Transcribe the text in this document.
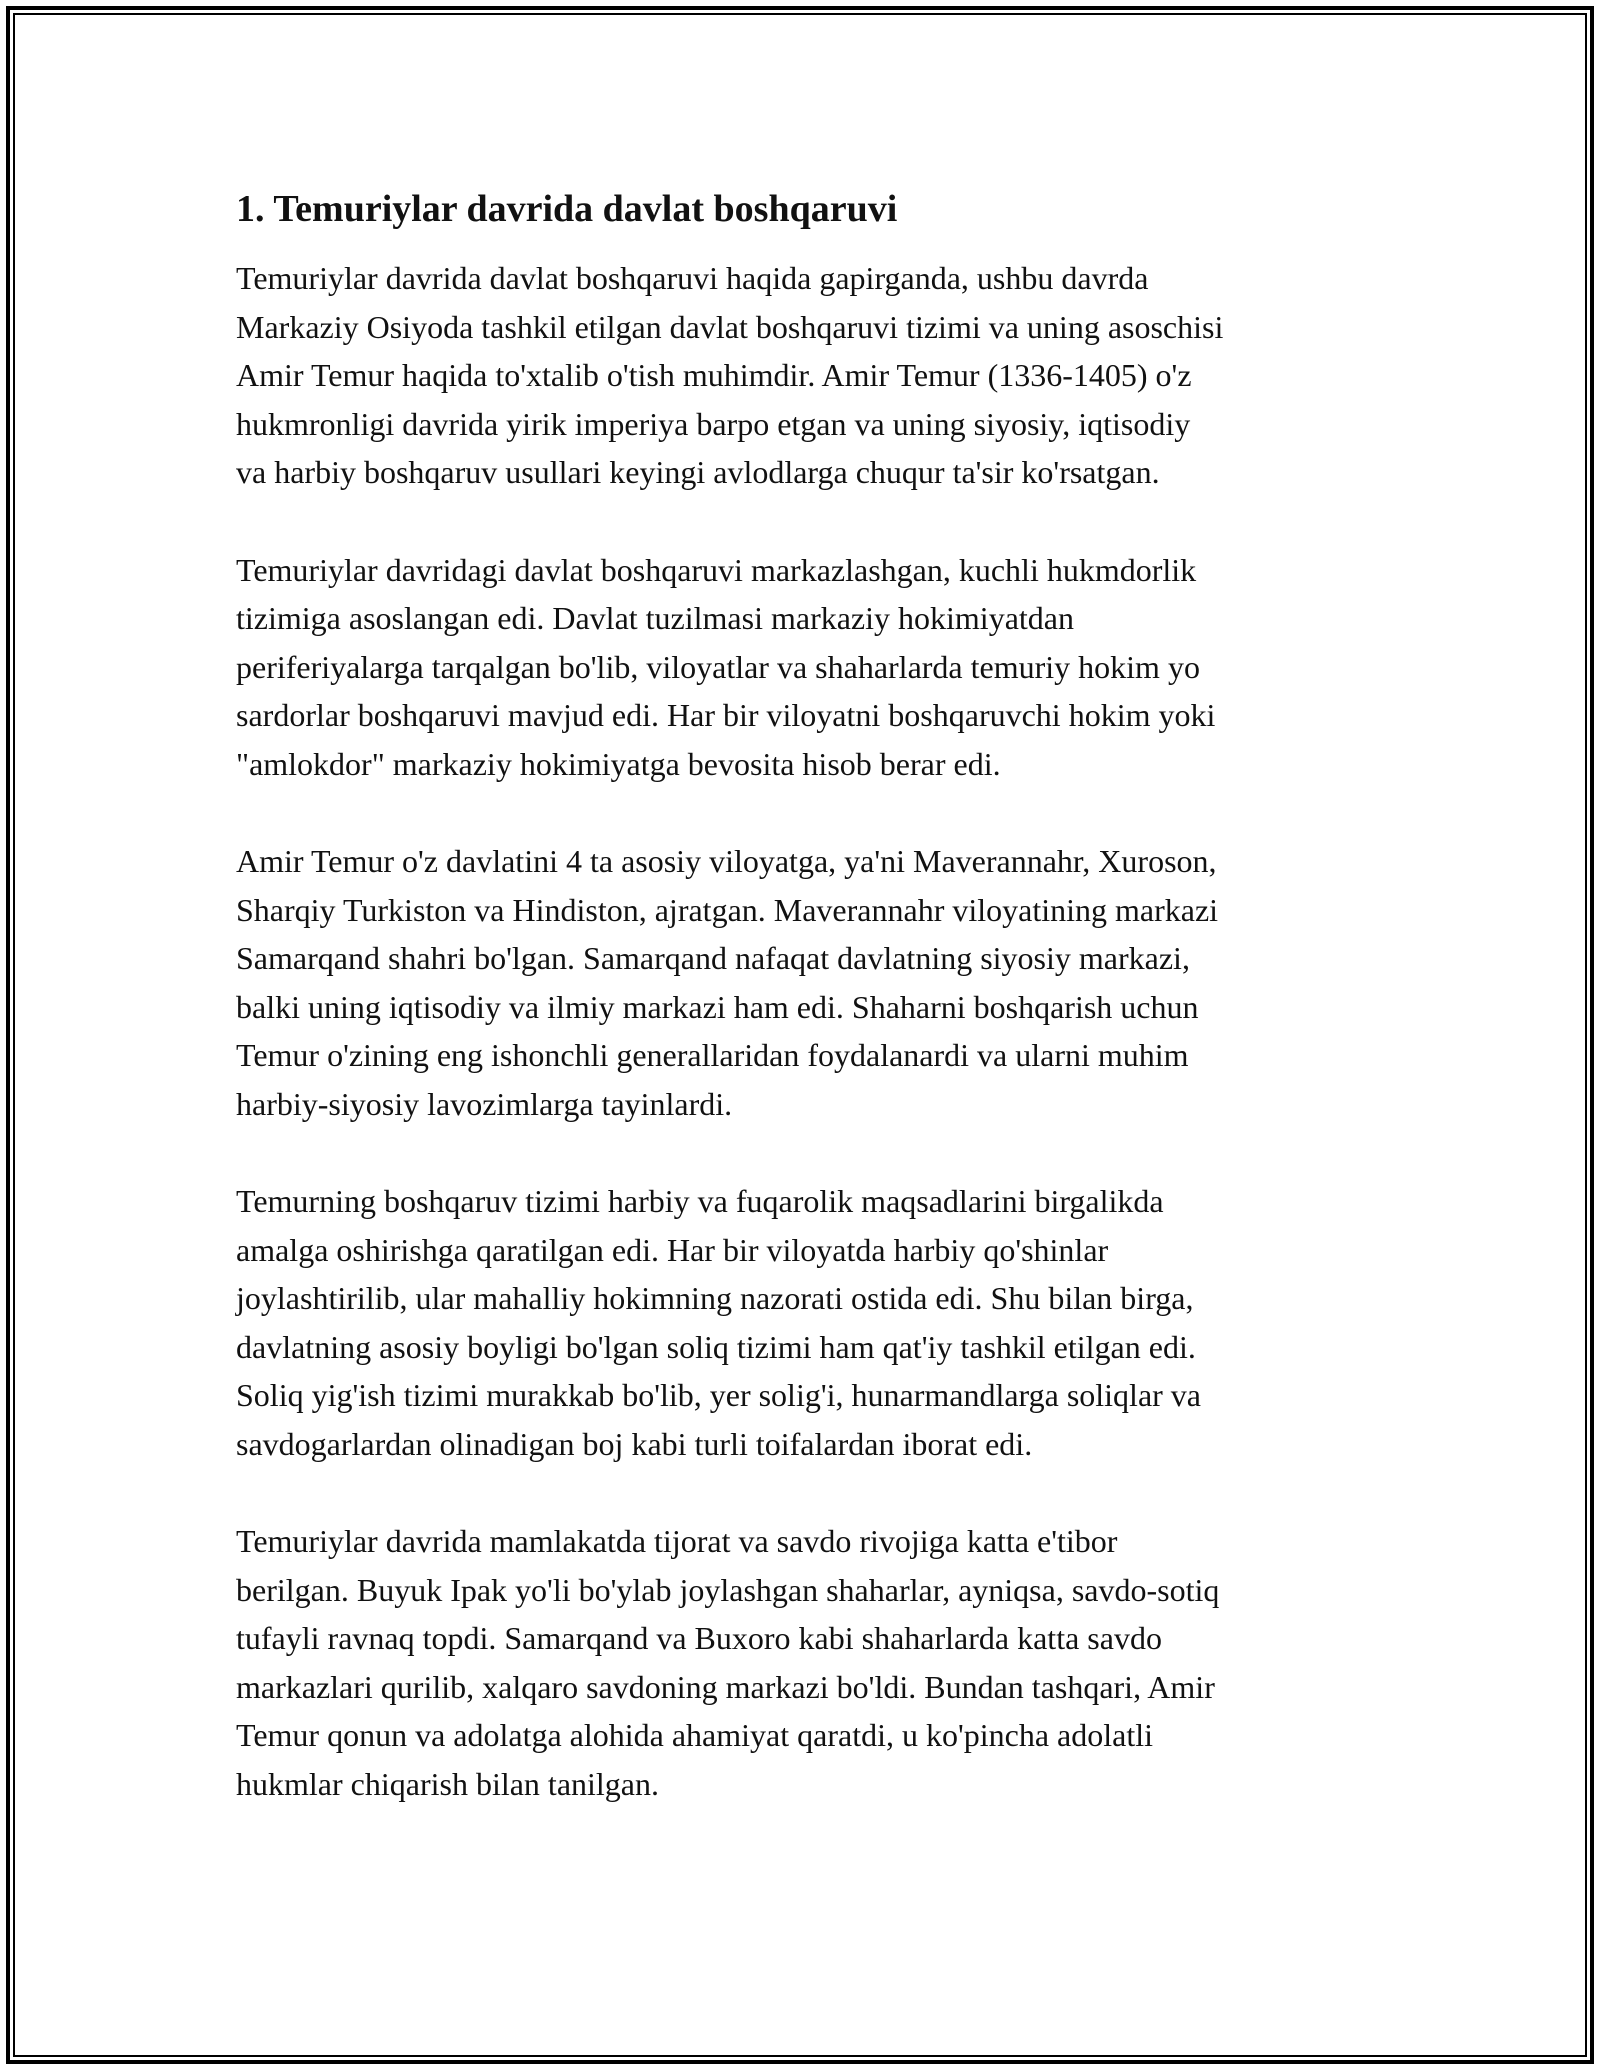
1. Temuriylar davrida davlat boshqaruvi

Temuriylar davrida davlat boshqaruvi haqida gapirganda, ushbu davrda
Markaziy Osiyoda tashkil etilgan davlat boshqaruvi tizimi va uning asoschisi
Amir Temur haqida to'xtalib o'tish muhimdir. Amir Temur (1336-1405) o'z
hukmronligi davrida yirik imperiya barpo etgan va uning siyosiy, iqtisodiy
va harbiy boshqaruv usullari keyingi avlodlarga chuqur ta'sir ko'rsatgan.

Temuriylar davridagi davlat boshqaruvi markazlashgan, kuchli hukmdorlik
tizimiga asoslangan edi. Davlat tuzilmasi markaziy hokimiyatdan
periferiyalarga tarqalgan bo'lib, viloyatlar va shaharlarda temuriy hokim yo
sardorlar boshqaruvi mavjud edi. Har bir viloyatni boshqaruvchi hokim yoki
"amlokdor" markaziy hokimiyatga bevosita hisob berar edi.

Amir Temur o'z davlatini 4 ta asosiy viloyatga, ya'ni Maverannahr, Xuroson,
Sharqiy Turkiston va Hindiston, ajratgan. Maverannahr viloyatining markazi
Samarqand shahri bo'lgan. Samarqand nafaqat davlatning siyosiy markazi,
balki uning iqtisodiy va ilmiy markazi ham edi. Shaharni boshqarish uchun
Temur o'zining eng ishonchli generallaridan foydalanardi va ularni muhim
harbiy-siyosiy lavozimlarga tayinlardi.

Temurning boshqaruv tizimi harbiy va fuqarolik maqsadlarini birgalikda
amalga oshirishga qaratilgan edi. Har bir viloyatda harbiy qo'shinlar
joylashtirilib, ular mahalliy hokimning nazorati ostida edi. Shu bilan birga,
davlatning asosiy boyligi bo'lgan soliq tizimi ham qat'iy tashkil etilgan edi.
Soliq yig'ish tizimi murakkab bo'lib, yer solig'i, hunarmandlarga soliqlar va
savdogarlardan olinadigan boj kabi turli toifalardan iborat edi.

Temuriylar davrida mamlakatda tijorat va savdo rivojiga katta e'tibor
berilgan. Buyuk Ipak yo'li bo'ylab joylashgan shaharlar, ayniqsa, savdo-sotiq
tufayli ravnaq topdi. Samarqand va Buxoro kabi shaharlarda katta savdo
markazlari qurilib, xalqaro savdoning markazi bo'ldi. Bundan tashqari, Amir
Temur qonun va adolatga alohida ahamiyat qaratdi, u ko'pincha adolatli
hukmlar chiqarish bilan tanilgan.
